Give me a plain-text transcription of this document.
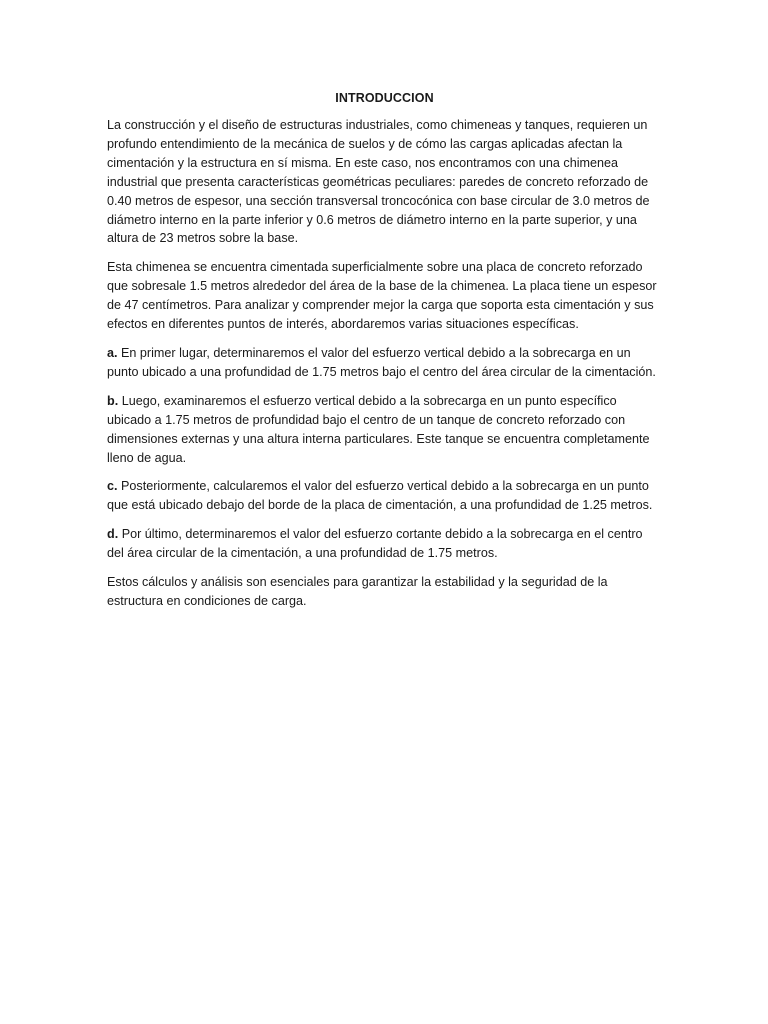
INTRODUCCION

La construcción y el diseño de estructuras industriales, como chimeneas y tanques, requieren un profundo entendimiento de la mecánica de suelos y de cómo las cargas aplicadas afectan la cimentación y la estructura en sí misma. En este caso, nos encontramos con una chimenea industrial que presenta características geométricas peculiares: paredes de concreto reforzado de 0.40 metros de espesor, una sección transversal troncocónica con base circular de 3.0 metros de diámetro interno en la parte inferior y 0.6 metros de diámetro interno en la parte superior, y una altura de 23 metros sobre la base.

Esta chimenea se encuentra cimentada superficialmente sobre una placa de concreto reforzado que sobresale 1.5 metros alrededor del área de la base de la chimenea. La placa tiene un espesor de 47 centímetros. Para analizar y comprender mejor la carga que soporta esta cimentación y sus efectos en diferentes puntos de interés, abordaremos varias situaciones específicas.

a. En primer lugar, determinaremos el valor del esfuerzo vertical debido a la sobrecarga en un punto ubicado a una profundidad de 1.75 metros bajo el centro del área circular de la cimentación.

b. Luego, examinaremos el esfuerzo vertical debido a la sobrecarga en un punto específico ubicado a 1.75 metros de profundidad bajo el centro de un tanque de concreto reforzado con dimensiones externas y una altura interna particulares. Este tanque se encuentra completamente lleno de agua.

c. Posteriormente, calcularemos el valor del esfuerzo vertical debido a la sobrecarga en un punto que está ubicado debajo del borde de la placa de cimentación, a una profundidad de 1.25 metros.

d. Por último, determinaremos el valor del esfuerzo cortante debido a la sobrecarga en el centro del área circular de la cimentación, a una profundidad de 1.75 metros.

Estos cálculos y análisis son esenciales para garantizar la estabilidad y la seguridad de la estructura en condiciones de carga.
